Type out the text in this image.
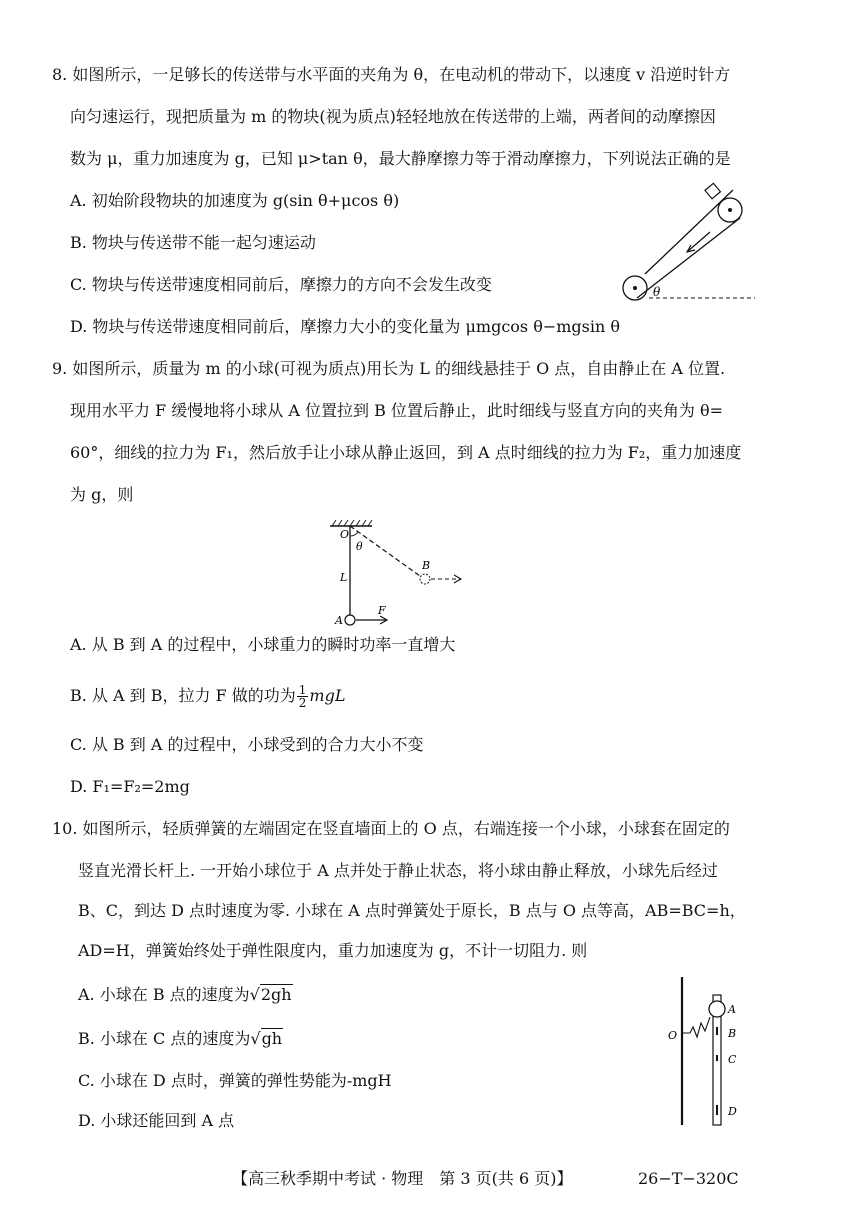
8. 如图所示，一足够长的传送带与水平面的夹角为 θ，在电动机的带动下，以速度 v 沿逆时针方
向匀速运行，现把质量为 m 的物块(视为质点)轻轻地放在传送带的上端，两者间的动摩擦因
数为 μ，重力加速度为 g，已知 μ>tan θ，最大静摩擦力等于滑动摩擦力，下列说法正确的是
A. 初始阶段物块的加速度为 g(sin θ+μcos θ)
B. 物块与传送带不能一起匀速运动
C. 物块与传送带速度相同前后，摩擦力的方向不会发生改变
D. 物块与传送带速度相同前后，摩擦力大小的变化量为 μmgcos θ−mgsin θ
θ
9. 如图所示，质量为 m 的小球(可视为质点)用长为 L 的细线悬挂于 O 点，自由静止在 A 位置.
现用水平力 F 缓慢地将小球从 A 位置拉到 B 位置后静止，此时细线与竖直方向的夹角为 θ=
60°，细线的拉力为 F₁，然后放手让小球从静止返回，到 A 点时细线的拉力为 F₂，重力加速度
为 g，则
O
θ
B
L
A
F
A. 从 B 到 A 的过程中，小球重力的瞬时功率一直增大
B. 从 A 到 B，拉力 F 做的功为 $\frac{1}{2}$ mgL
C. 从 B 到 A 的过程中，小球受到的合力大小不变
D. F₁=F₂=2mg
10. 如图所示，轻质弹簧的左端固定在竖直墙面上的 O 点，右端连接一个小球，小球套在固定的
竖直光滑长杆上. 一开始小球位于 A 点并处于静止状态，将小球由静止释放，小球先后经过
B、C，到达 D 点时速度为零. 小球在 A 点时弹簧处于原长，B 点与 O 点等高，AB=BC=h，
AD=H，弹簧始终处于弹性限度内，重力加速度为 g，不计一切阻力. 则
A. 小球在 B 点的速度为√2gh
B. 小球在 C 点的速度为√gh
C. 小球在 D 点时，弹簧的弹性势能为-mgH
D. 小球还能回到 A 点
O
A
B
C
D
【高三秋季期中考试 · 物理　第 3 页(共 6 页)】	26−T−320C
